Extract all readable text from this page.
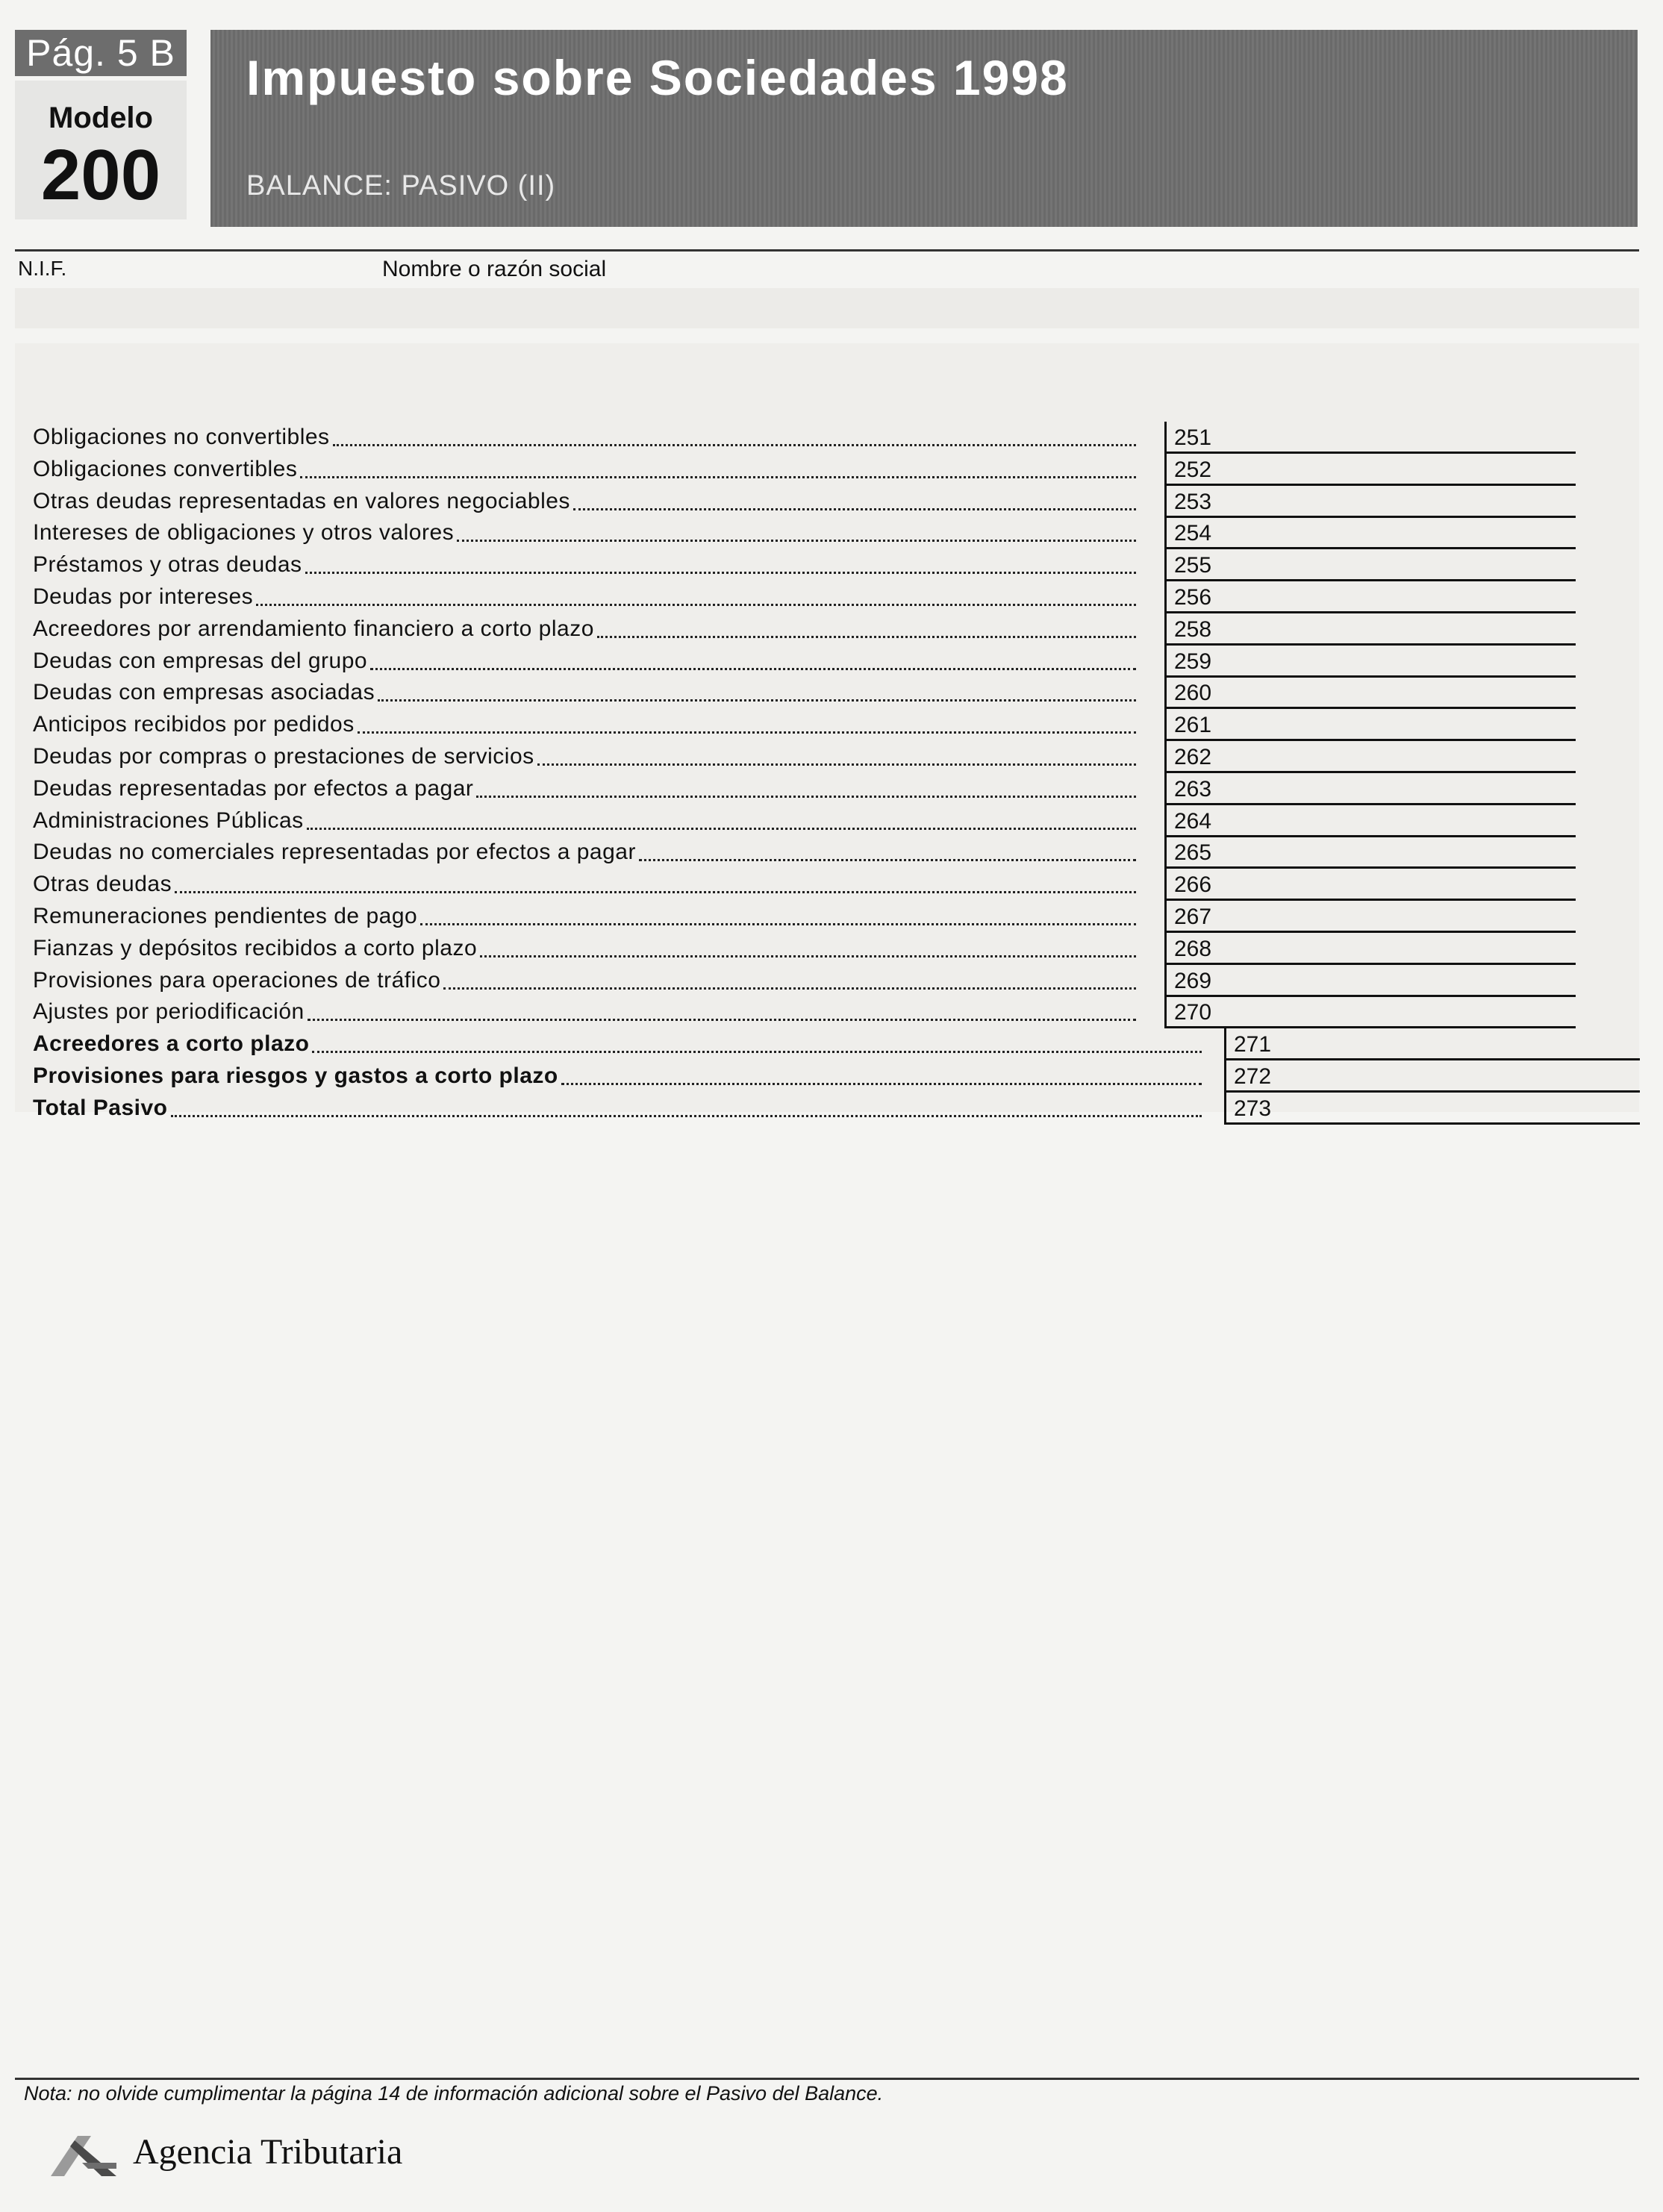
Pág. 5 B
Modelo
200
Impuesto sobre Sociedades 1998
BALANCE: PASIVO (II)
N.I.F.	Nombre o razón social
Obligaciones no convertibles	251
Obligaciones convertibles	252
Otras deudas representadas en valores negociables	253
Intereses de obligaciones y otros valores	254
Préstamos y otras deudas	255
Deudas por intereses	256
Acreedores por arrendamiento financiero a corto plazo	258
Deudas con empresas del grupo	259
Deudas con empresas asociadas	260
Anticipos recibidos por pedidos	261
Deudas por compras o prestaciones de servicios	262
Deudas representadas por efectos a pagar	263
Administraciones Públicas	264
Deudas no comerciales representadas por efectos a pagar	265
Otras deudas	266
Remuneraciones pendientes de pago	267
Fianzas y depósitos recibidos a corto plazo	268
Provisiones para operaciones de tráfico	269
Ajustes por periodificación	270
Acreedores a corto plazo	271
Provisiones para riesgos y gastos a corto plazo	272
Total Pasivo	273
Nota: no olvide cumplimentar la página 14 de información adicional sobre el Pasivo del Balance.
Agencia Tributaria
